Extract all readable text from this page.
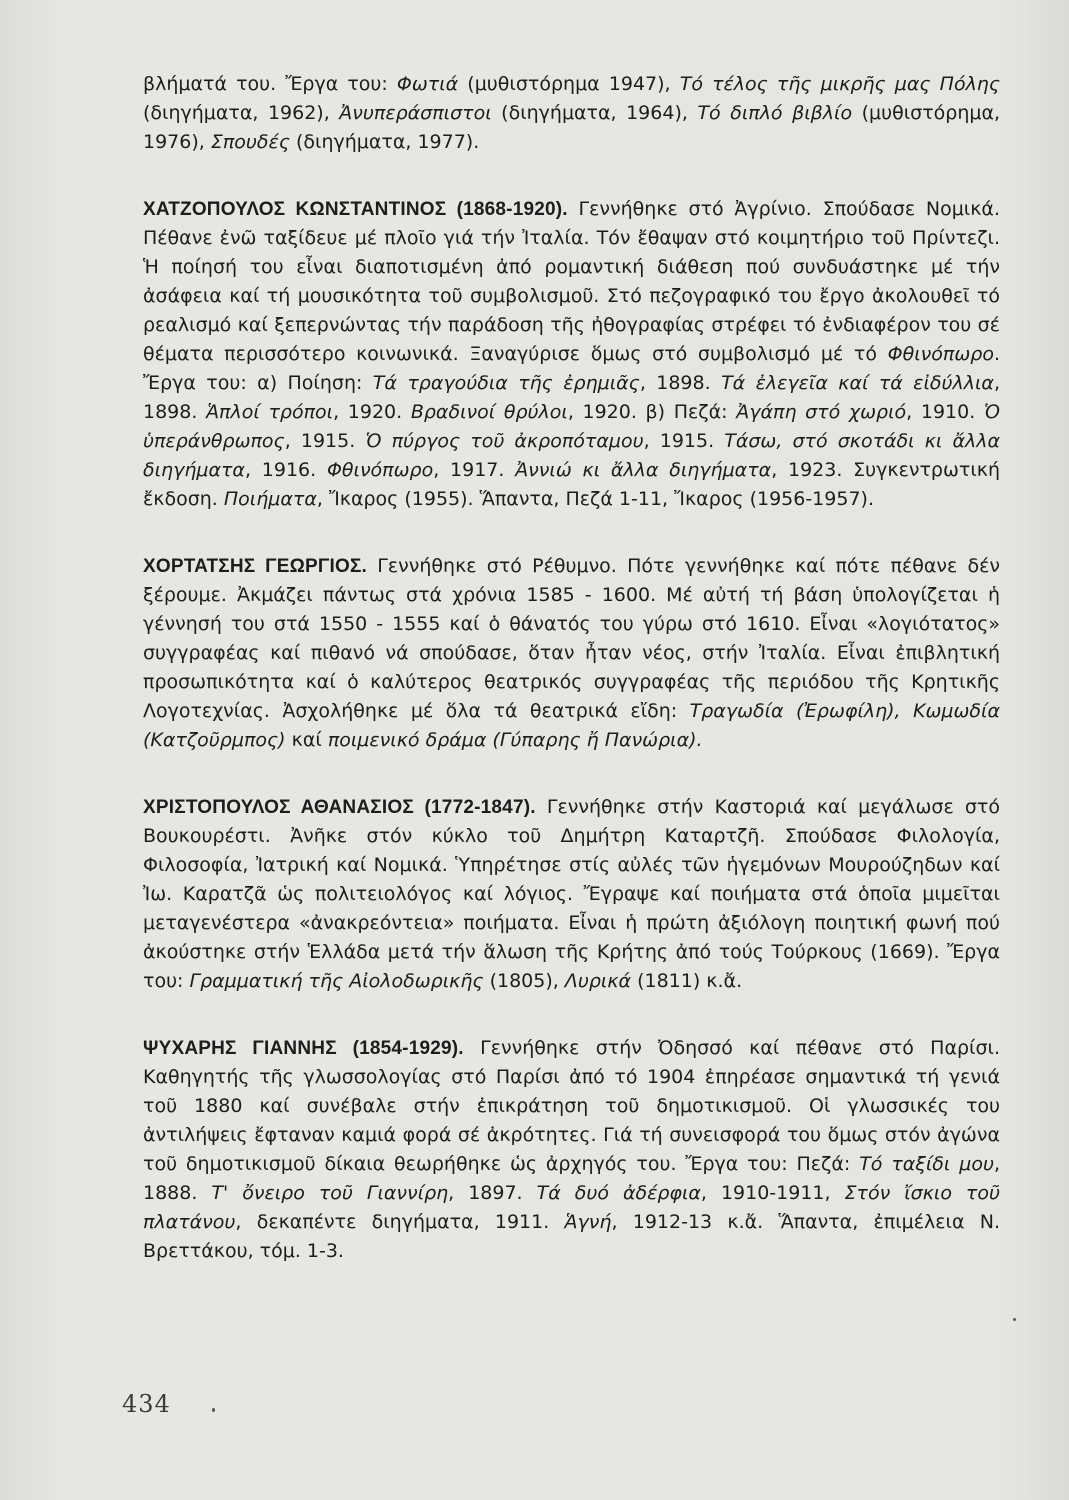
βλήματά του. Ἔργα του: Φωτιά (μυθιστόρημα 1947), Τό τέλος τῆς μικρῆς μας Πόλης (διηγήματα, 1962), Ἀνυπεράσπιστοι (διηγήματα, 1964), Τό διπλό βιβλίο (μυθιστόρημα, 1976), Σπουδές (διηγήματα, 1977).

ΧΑΤΖΟΠΟΥΛΟΣ ΚΩΝΣΤΑΝΤΙΝΟΣ (1868-1920). Γεννήθηκε στό Ἀγρίνιο. Σπούδασε Νομικά. Πέθανε ἐνῶ ταξίδευε μέ πλοῖο γιά τήν Ἰταλία. Τόν ἔθαψαν στό κοιμητήριο τοῦ Πρίντεζι. Ἡ ποίησή του εἶναι διαποτισμένη ἀπό ρομαντική διάθεση πού συνδυάστηκε μέ τήν ἀσάφεια καί τή μουσικότητα τοῦ συμβολισμοῦ. Στό πεζογραφικό του ἔργο ἀκολουθεῖ τό ρεαλισμό καί ξεπερνώντας τήν παράδοση τῆς ἠθογραφίας στρέφει τό ἐνδιαφέρον του σέ θέματα περισσότερο κοινωνικά. Ξαναγύρισε ὅμως στό συμβολισμό μέ τό Φθινόπωρο. Ἔργα του: α) Ποίηση: Τά τραγούδια τῆς ἐρημιᾶς, 1898. Τά ἐλεγεῖα καί τά εἰδύλλια, 1898. Ἁπλοί τρόποι, 1920. Βραδινοί θρύλοι, 1920. β) Πεζά: Ἀγάπη στό χωριό, 1910. Ὁ ὑπεράνθρωπος, 1915. Ὁ πύργος τοῦ ἀκροπόταμου, 1915. Τάσω, στό σκοτάδι κι ἄλλα διηγήματα, 1916. Φθινόπωρο, 1917. Ἀννιώ κι ἄλλα διηγήματα, 1923. Συγκεντρωτική ἔκδοση. Ποιήματα, Ἴκαρος (1955). Ἅπαντα, Πεζά 1-11, Ἴκαρος (1956-1957).

ΧΟΡΤΑΤΣΗΣ ΓΕΩΡΓΙΟΣ. Γεννήθηκε στό Ρέθυμνο. Πότε γεννήθηκε καί πότε πέθανε δέν ξέρουμε. Ἀκμάζει πάντως στά χρόνια 1585 - 1600. Μέ αὐτή τή βάση ὑπολογίζεται ἡ γέννησή του στά 1550 - 1555 καί ὁ θάνατός του γύρω στό 1610. Εἶναι «λογιότατος» συγγραφέας καί πιθανό νά σπούδασε, ὅταν ἦταν νέος, στήν Ἰταλία. Εἶναι ἐπιβλητική προσωπικότητα καί ὁ καλύτερος θεατρικός συγγραφέας τῆς περιόδου τῆς Κρητικῆς Λογοτεχνίας. Ἀσχολήθηκε μέ ὅλα τά θεατρικά εἴδη: Τραγωδία (Ἐρωφίλη), Κωμωδία (Κατζοῦρμπος) καί ποιμενικό δράμα (Γύπαρης ἤ Πανώρια).

ΧΡΙΣΤΟΠΟΥΛΟΣ ΑΘΑΝΑΣΙΟΣ (1772-1847). Γεννήθηκε στήν Καστοριά καί μεγάλωσε στό Βουκουρέστι. Ἀνῆκε στόν κύκλο τοῦ Δημήτρη Καταρτζῆ. Σπούδασε Φιλολογία, Φιλοσοφία, Ἰατρική καί Νομικά. Ὑπηρέτησε στίς αὐλές τῶν ἡγεμόνων Μουρούζηδων καί Ἰω. Καρατζᾶ ὡς πολιτειολόγος καί λόγιος. Ἔγραψε καί ποιήματα στά ὁποῖα μιμεῖται μεταγενέστερα «ἀνακρεόντεια» ποιήματα. Εἶναι ἡ πρώτη ἀξιόλογη ποιητική φωνή πού ἀκούστηκε στήν Ἑλλάδα μετά τήν ἅλωση τῆς Κρήτης ἀπό τούς Τούρκους (1669). Ἔργα του: Γραμματική τῆς Αἰολοδωρικῆς (1805), Λυρικά (1811) κ.ἄ.

ΨΥΧΑΡΗΣ ΓΙΑΝΝΗΣ (1854-1929). Γεννήθηκε στήν Ὀδησσό καί πέθανε στό Παρίσι. Καθηγητής τῆς γλωσσολογίας στό Παρίσι ἀπό τό 1904 ἐπηρέασε σημαντικά τή γενιά τοῦ 1880 καί συνέβαλε στήν ἐπικράτηση τοῦ δημοτικισμοῦ. Οἱ γλωσσικές του ἀντιλήψεις ἔφταναν καμιά φορά σέ ἀκρότητες. Γιά τή συνεισφορά του ὅμως στόν ἀγώνα τοῦ δημοτικισμοῦ δίκαια θεωρήθηκε ὡς ἀρχηγός του. Ἔργα του: Πεζά: Τό ταξίδι μου, 1888. Τ' ὄνειρο τοῦ Γιαννίρη, 1897. Τά δυό ἀδέρφια, 1910-1911, Στόν ἴσκιο τοῦ πλατάνου, δεκαπέντε διηγήματα, 1911. Ἁγνή, 1912-13 κ.ἄ. Ἅπαντα, ἐπιμέλεια Ν. Βρεττάκου, τόμ. 1-3.

434
